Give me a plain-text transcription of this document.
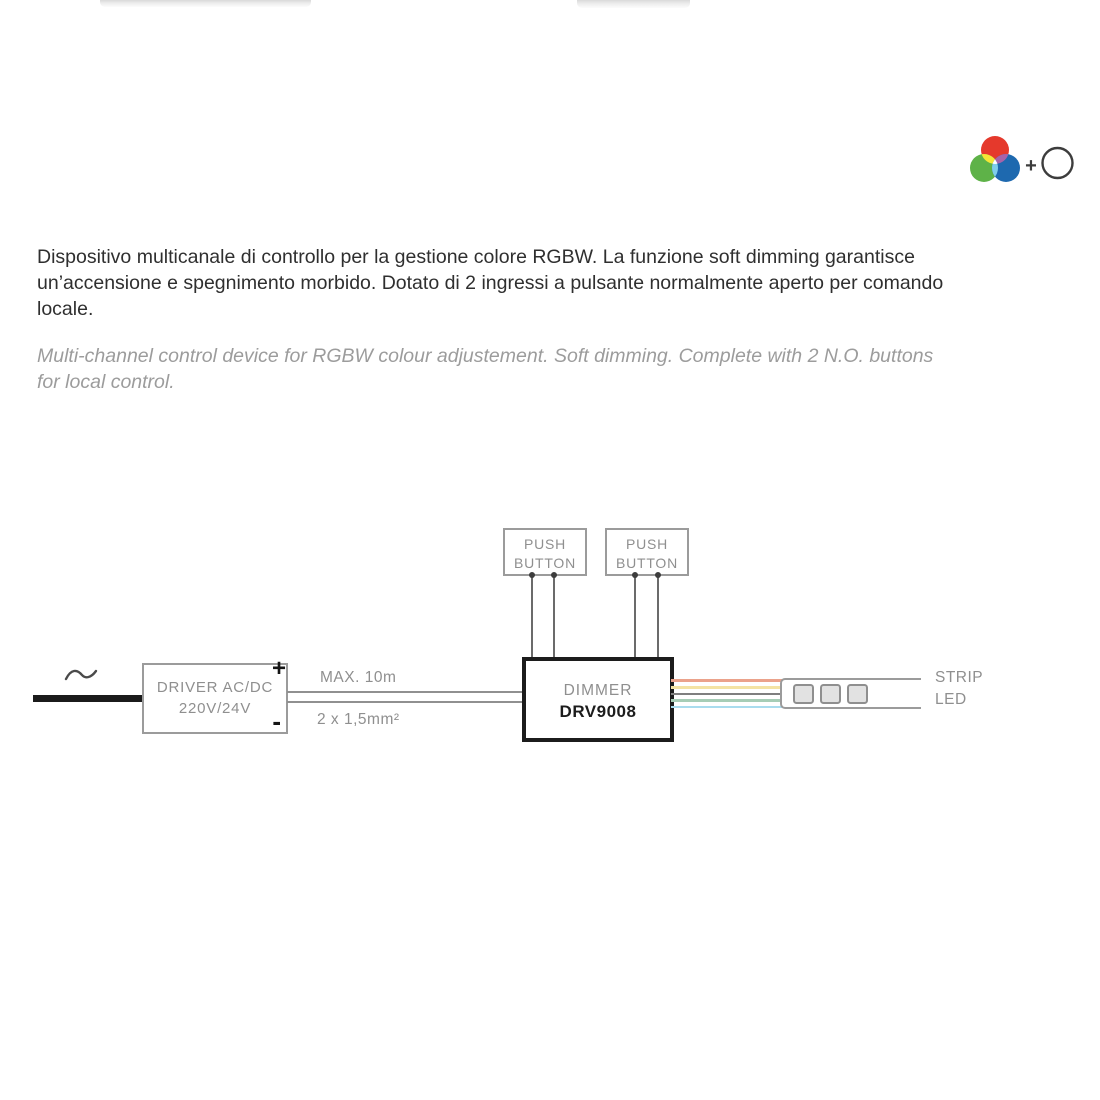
+
Dispositivo multicanale di controllo per la gestione colore RGBW. La funzione soft dimming garantisce
un’accensione e spegnimento morbido. Dotato di 2 ingressi a pulsante normalmente aperto per comando
locale.
Multi-channel control device for RGBW colour adjustement. Soft dimming. Complete with 2 N.O. buttons
for local control.
DRIVER AC/DC
220V/24V
+
-
MAX. 10m
2 x 1,5mm²
PUSH
BUTTON
PUSH
BUTTON
DIMMER
DRV9008
STRIP
LED
